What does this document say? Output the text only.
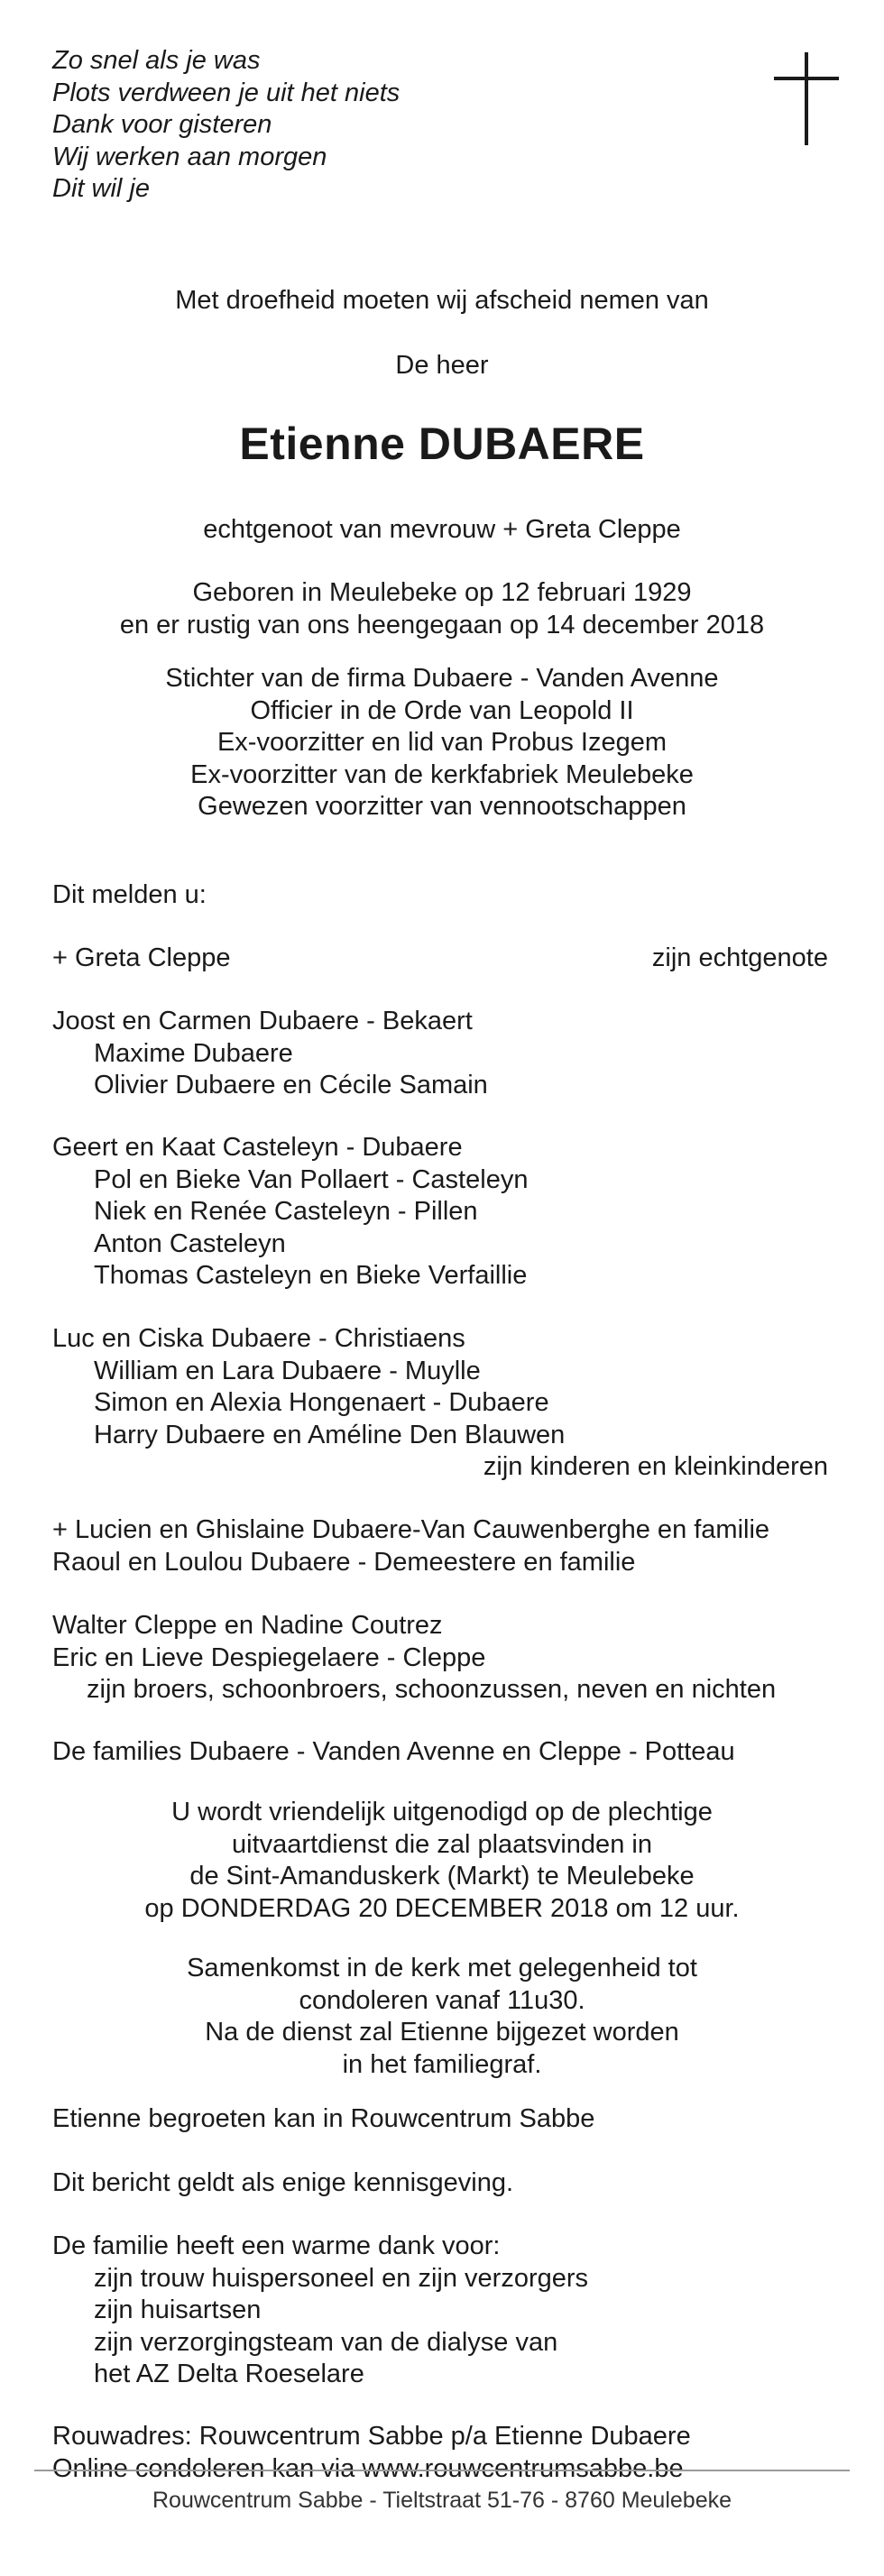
Zo snel als je was
Plots verdween je uit het niets
Dank voor gisteren
Wij werken aan morgen
Dit wil je
Met droefheid moeten wij afscheid nemen van
De heer
Etienne DUBAERE
echtgenoot van mevrouw + Greta Cleppe
Geboren in Meulebeke op 12 februari 1929
en er rustig van ons heengegaan op 14 december 2018
Stichter van de firma Dubaere - Vanden Avenne
Officier in de Orde van Leopold II
Ex-voorzitter en lid van Probus Izegem
Ex-voorzitter van de kerkfabriek Meulebeke
Gewezen voorzitter van vennootschappen
Dit melden u:
+ Greta Cleppe	zijn echtgenote
Joost en Carmen Dubaere - Bekaert
Maxime Dubaere
Olivier Dubaere en Cécile Samain
Geert en Kaat Casteleyn - Dubaere
Pol en Bieke Van Pollaert - Casteleyn
Niek en Renée Casteleyn - Pillen
Anton Casteleyn
Thomas Casteleyn en Bieke Verfaillie
Luc en Ciska Dubaere - Christiaens
William en Lara Dubaere - Muylle
Simon en Alexia Hongenaert - Dubaere
Harry Dubaere en Améline Den Blauwen
zijn kinderen en kleinkinderen
+ Lucien en Ghislaine Dubaere-Van Cauwenberghe en familie
Raoul en Loulou Dubaere - Demeestere en familie
Walter Cleppe en Nadine Coutrez
Eric en Lieve Despiegelaere - Cleppe
zijn broers, schoonbroers, schoonzussen, neven en nichten
De families Dubaere - Vanden Avenne en Cleppe - Potteau
U wordt vriendelijk uitgenodigd op de plechtige
uitvaartdienst die zal plaatsvinden in
de Sint-Amanduskerk (Markt) te Meulebeke
op DONDERDAG 20 DECEMBER 2018 om 12 uur.
Samenkomst in de kerk met gelegenheid tot
condoleren vanaf 11u30.
Na de dienst zal Etienne bijgezet worden
in het familiegraf.
Etienne begroeten kan in Rouwcentrum Sabbe
Dit bericht geldt als enige kennisgeving.
De familie heeft een warme dank voor:
zijn trouw huispersoneel en zijn verzorgers
zijn huisartsen
zijn verzorgingsteam van de dialyse van
het AZ Delta Roeselare
Rouwadres: Rouwcentrum Sabbe p/a Etienne Dubaere
Online condoleren kan via www.rouwcentrumsabbe.be
Rouwcentrum Sabbe - Tieltstraat 51-76 - 8760 Meulebeke
